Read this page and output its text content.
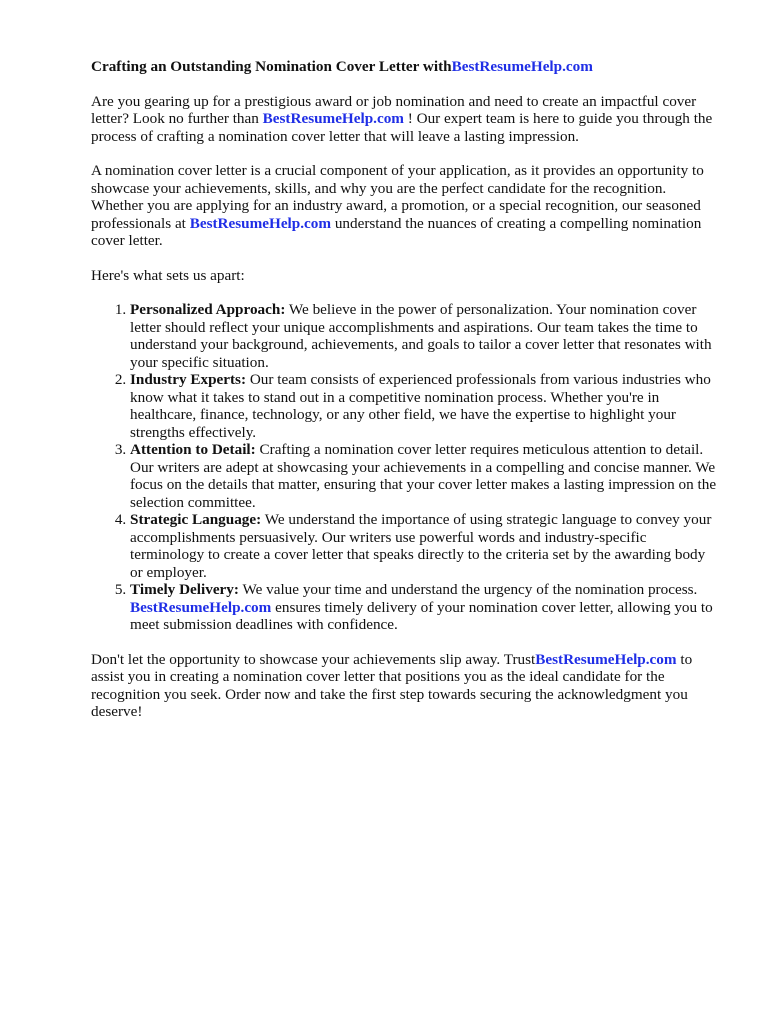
Crafting an Outstanding Nomination Cover Letter withBestResumeHelp.com

Are you gearing up for a prestigious award or job nomination and need to create an impactful cover letter? Look no further than BestResumeHelp.com ! Our expert team is here to guide you through the process of crafting a nomination cover letter that will leave a lasting impression.

A nomination cover letter is a crucial component of your application, as it provides an opportunity to showcase your achievements, skills, and why you are the perfect candidate for the recognition. Whether you are applying for an industry award, a promotion, or a special recognition, our seasoned professionals at BestResumeHelp.com understand the nuances of creating a compelling nomination cover letter.

Here's what sets us apart:

1. Personalized Approach: We believe in the power of personalization. Your nomination cover letter should reflect your unique accomplishments and aspirations. Our team takes the time to understand your background, achievements, and goals to tailor a cover letter that resonates with your specific situation.
2. Industry Experts: Our team consists of experienced professionals from various industries who know what it takes to stand out in a competitive nomination process. Whether you're in healthcare, finance, technology, or any other field, we have the expertise to highlight your strengths effectively.
3. Attention to Detail: Crafting a nomination cover letter requires meticulous attention to detail. Our writers are adept at showcasing your achievements in a compelling and concise manner. We focus on the details that matter, ensuring that your cover letter makes a lasting impression on the selection committee.
4. Strategic Language: We understand the importance of using strategic language to convey your accomplishments persuasively. Our writers use powerful words and industry-specific terminology to create a cover letter that speaks directly to the criteria set by the awarding body or employer.
5. Timely Delivery: We value your time and understand the urgency of the nomination process. BestResumeHelp.com ensures timely delivery of your nomination cover letter, allowing you to meet submission deadlines with confidence.

Don't let the opportunity to showcase your achievements slip away. TrustBestResumeHelp.com to assist you in creating a nomination cover letter that positions you as the ideal candidate for the recognition you seek. Order now and take the first step towards securing the acknowledgment you deserve!
